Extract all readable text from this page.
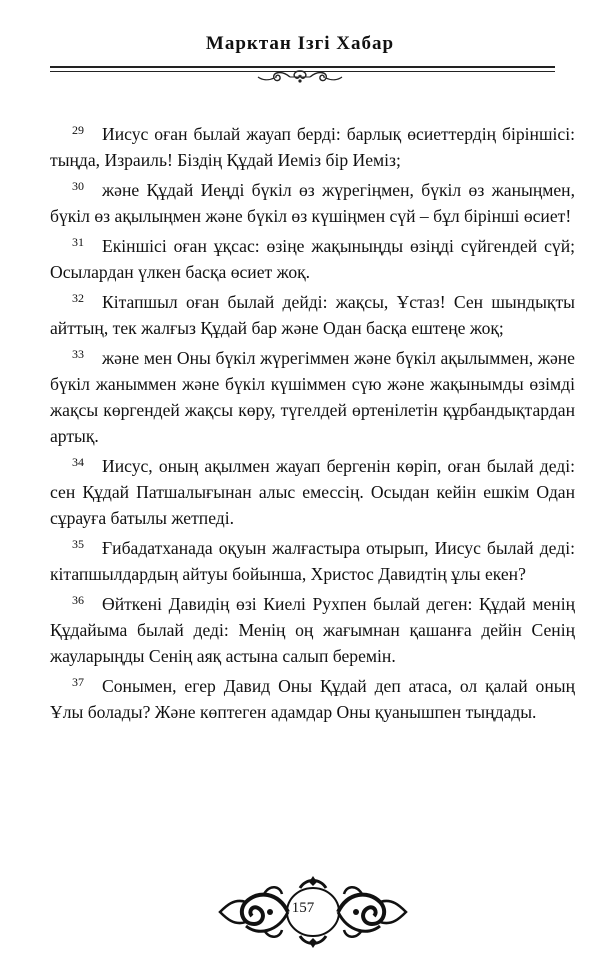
Марктан Ізгі Хабар

$^{29}$ Иисус оған былай жауап берді: барлық өсиеттердің біріншісі: тыңда, Израиль! Біздің Құдай Иеміз бір Иеміз;

$^{30}$ және Құдай Иеңді бүкіл өз жүрегіңмен, бүкіл өз жаныңмен, бүкіл өз ақылыңмен және бүкіл өз күшіңмен сүй – бұл бірінші өсиет!

$^{31}$ Екіншісі оған ұқсас: өзіңе жақыныңды өзіңді сүйгендей сүй; Осылардан үлкен басқа өсиет жоқ.

$^{32}$ Кітапшыл оған былай дейді: жақсы, Ұстаз! Сен шындықты айттың, тек жалғыз Құдай бар және Одан басқа ештеңе жоқ;

$^{33}$ және мен Оны бүкіл жүрегіммен және бүкіл ақылыммен, және бүкіл жаныммен және бүкіл күшіммен сүю және жақынымды өзімді жақсы көргендей жақсы көру, түгелдей өртенілетін құрбандықтардан артық.

$^{34}$ Иисус, оның ақылмен жауап бергенін көріп, оған былай деді: сен Құдай Патшалығынан алыс емессің. Осыдан кейін ешкім Одан сұрауға батылы жетпеді.

$^{35}$ Ғибадатханада оқуын жалғастыра отырып, Иисус былай деді: кітапшылдардың айтуы бойынша, Христос Давидтің ұлы екен?

$^{36}$ Өйткені Давидің өзі Киелі Рухпен былай деген: Құдай менің Құдайыма былай деді: Менің оң жағымнан қашанға дейін Сенің жауларыңды Сенің аяқ астына салып беремін.

$^{37}$ Сонымен, егер Давид Оны Құдай деп атаса, ол қалай оның Ұлы болады? Және көптеген адамдар Оны қуанышпен тыңдады.

157
